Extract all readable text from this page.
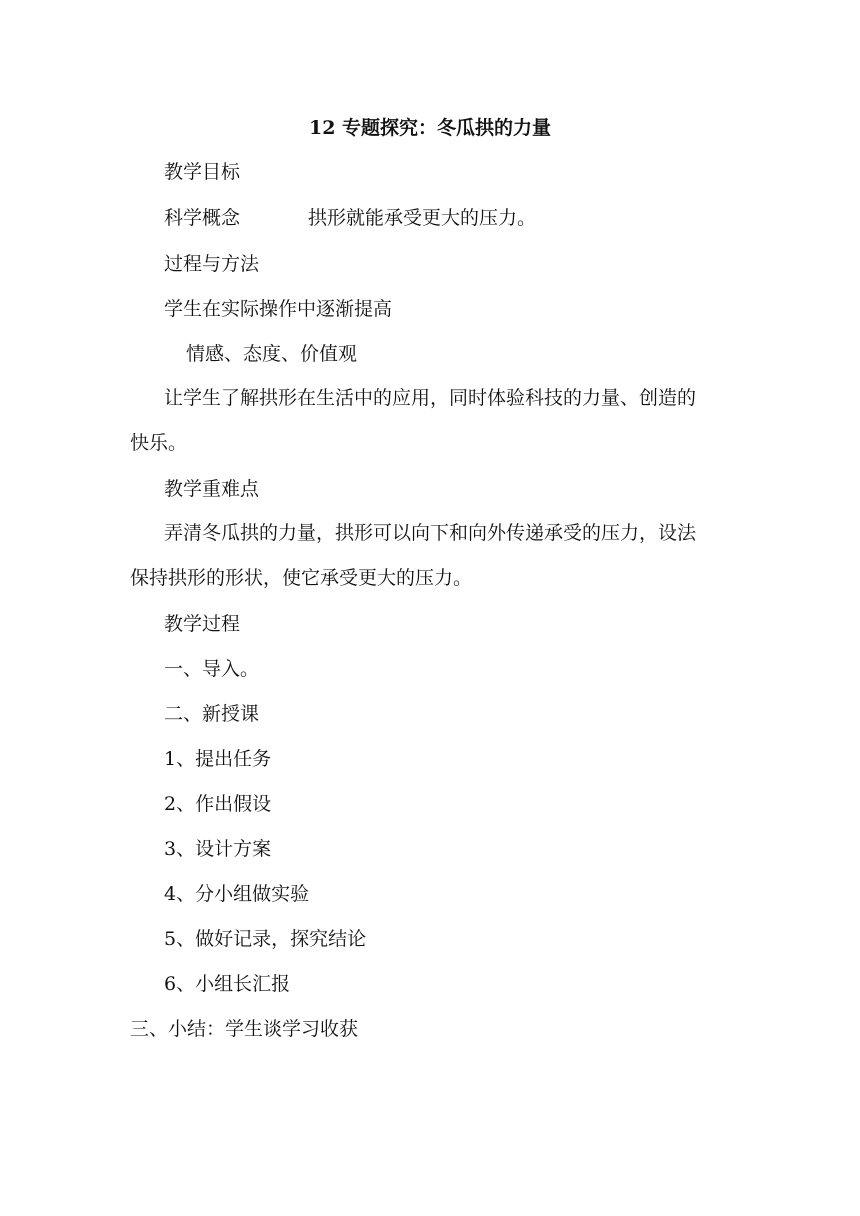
12 专题探究：冬瓜拱的力量
教学目标
科学概念	拱形就能承受更大的压力。
过程与方法
学生在实际操作中逐渐提高
情感、态度、价值观
让学生了解拱形在生活中的应用，同时体验科技的力量、创造的
快乐。
教学重难点
弄清冬瓜拱的力量，拱形可以向下和向外传递承受的压力，设法
保持拱形的形状，使它承受更大的压力。
教学过程
一、导入。
二、新授课
1、提出任务
2、作出假设
3、设计方案
4、分小组做实验
5、做好记录，探究结论
6、小组长汇报
三、小结：学生谈学习收获
